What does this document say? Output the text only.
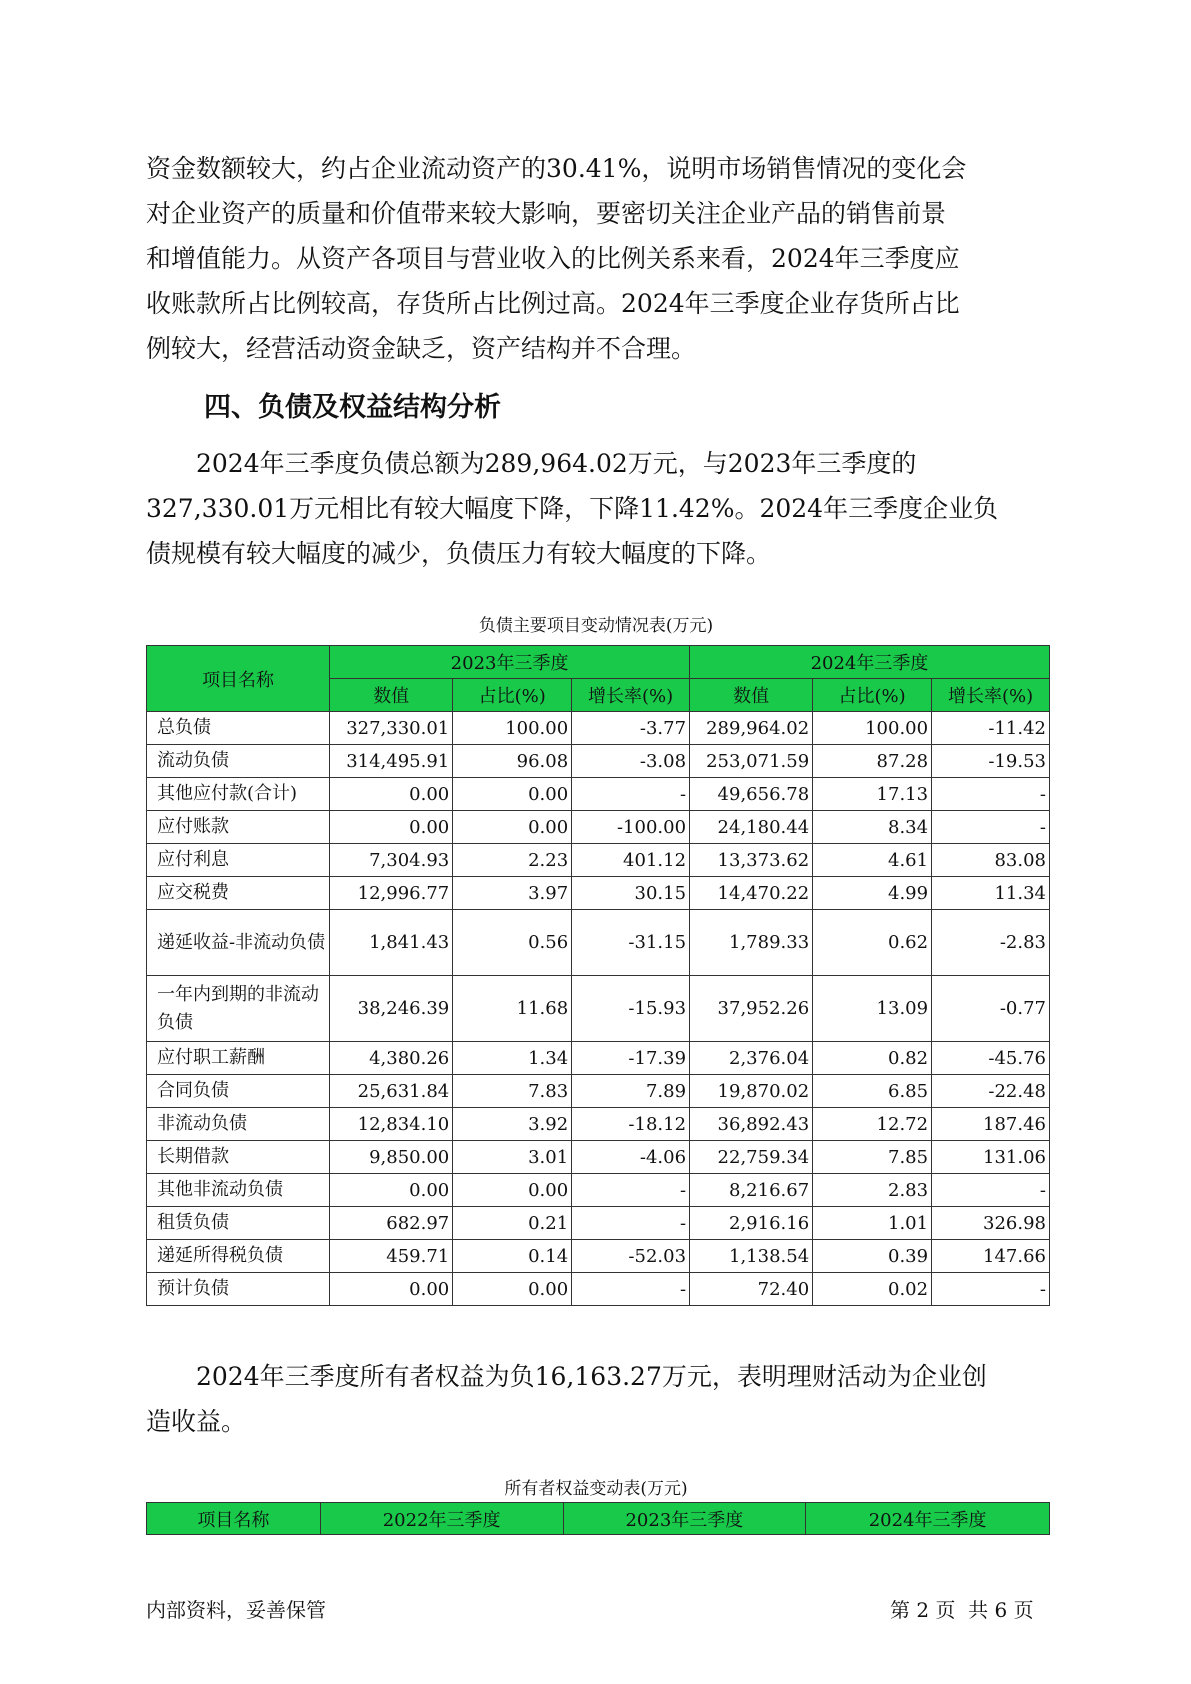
资金数额较大，约占企业流动资产的30.41%，说明市场销售情况的变化会
对企业资产的质量和价值带来较大影响，要密切关注企业产品的销售前景
和增值能力。从资产各项目与营业收入的比例关系来看，2024年三季度应
收账款所占比例较高，存货所占比例过高。2024年三季度企业存货所占比
例较大，经营活动资金缺乏，资产结构并不合理。
四、负债及权益结构分析
　　2024年三季度负债总额为289,964.02万元，与2023年三季度的
327,330.01万元相比有较大幅度下降，下降11.42%。2024年三季度企业负
债规模有较大幅度的减少，负债压力有较大幅度的下降。
负债主要项目变动情况表(万元)
项目名称	2023年三季度			2024年三季度		
	数值	占比(%)	增长率(%)	数值	占比(%)	增长率(%)
总负债	327,330.01	100.00	-3.77	289,964.02	100.00	-11.42
流动负债	314,495.91	96.08	-3.08	253,071.59	87.28	-19.53
其他应付款(合计)	0.00	0.00	-	49,656.78	17.13	-
应付账款	0.00	0.00	-100.00	24,180.44	8.34	-
应付利息	7,304.93	2.23	401.12	13,373.62	4.61	83.08
应交税费	12,996.77	3.97	30.15	14,470.22	4.99	11.34
递延收益-非流动负债	1,841.43	0.56	-31.15	1,789.33	0.62	-2.83
一年内到期的非流动负债	38,246.39	11.68	-15.93	37,952.26	13.09	-0.77
应付职工薪酬	4,380.26	1.34	-17.39	2,376.04	0.82	-45.76
合同负债	25,631.84	7.83	7.89	19,870.02	6.85	-22.48
非流动负债	12,834.10	3.92	-18.12	36,892.43	12.72	187.46
长期借款	9,850.00	3.01	-4.06	22,759.34	7.85	131.06
其他非流动负债	0.00	0.00	-	8,216.67	2.83	-
租赁负债	682.97	0.21	-	2,916.16	1.01	326.98
递延所得税负债	459.71	0.14	-52.03	1,138.54	0.39	147.66
预计负债	0.00	0.00	-	72.40	0.02	-
　　2024年三季度所有者权益为负16,163.27万元，表明理财活动为企业创
造收益。
所有者权益变动表(万元)
项目名称	2022年三季度	2023年三季度	2024年三季度
内部资料，妥善保管	第 2 页  共 6 页
